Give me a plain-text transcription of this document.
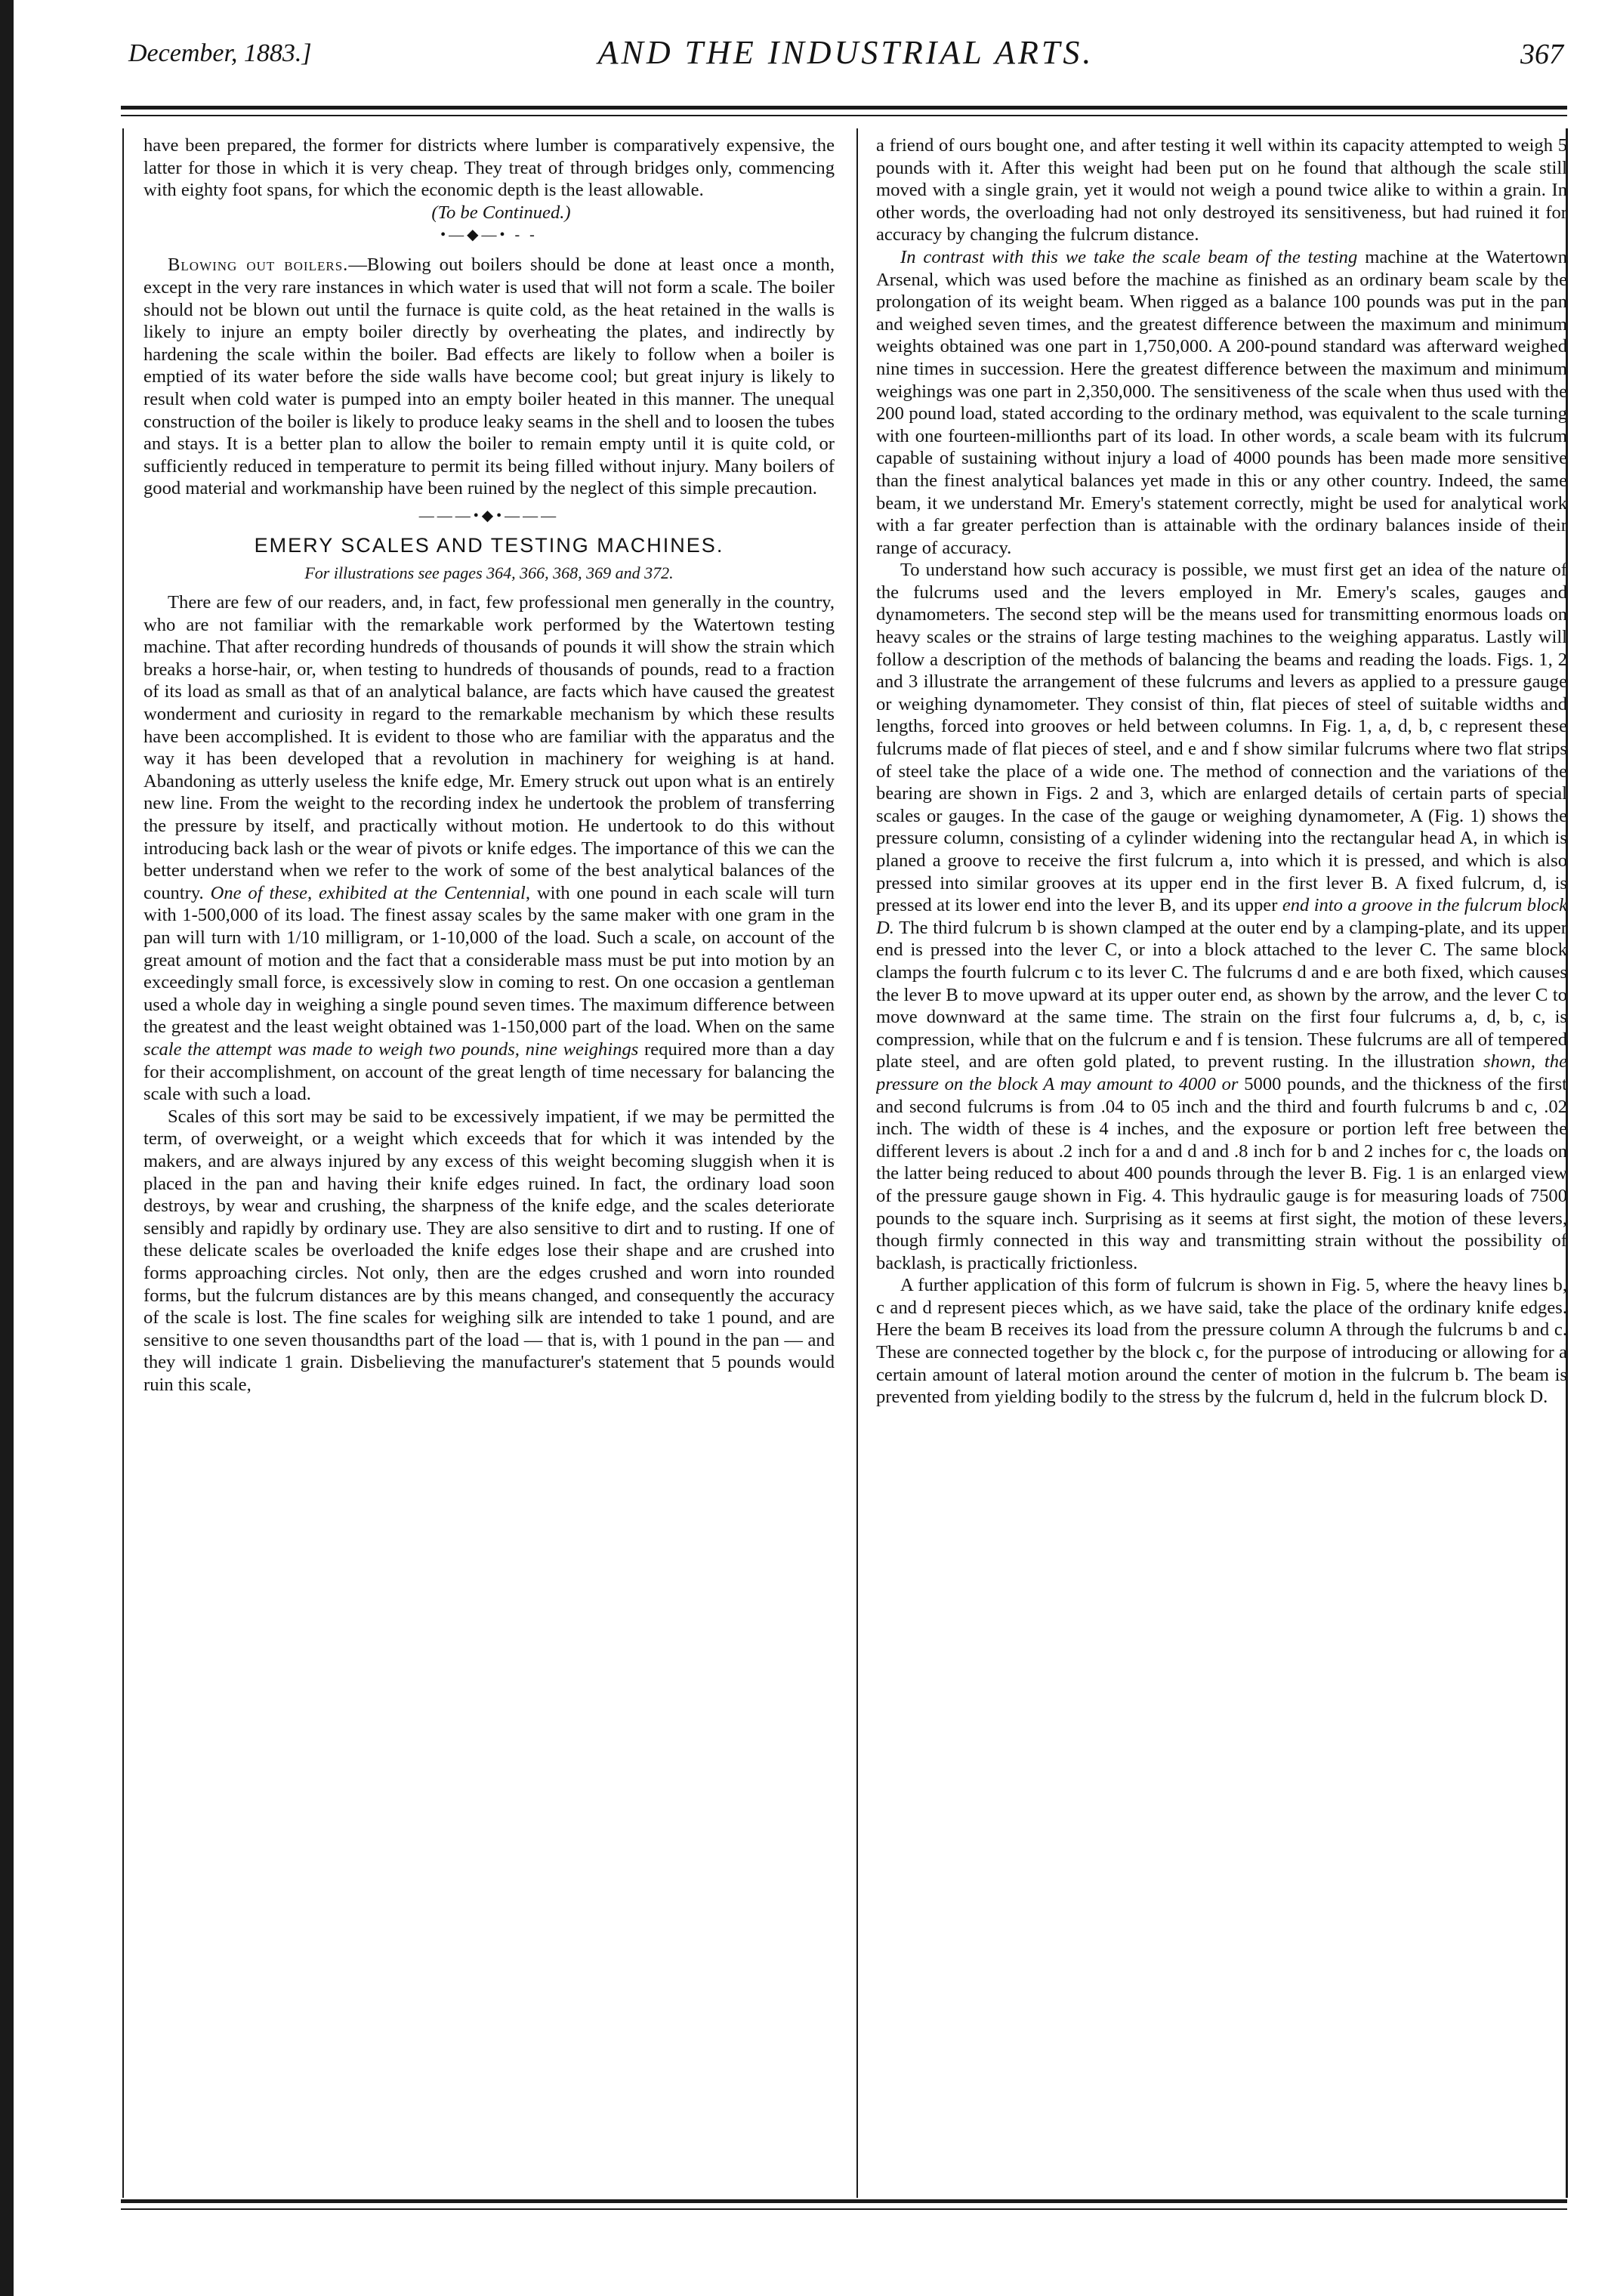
December, 1883.]	AND THE INDUSTRIAL ARTS.	367

have been prepared, the former for districts where lumber is comparatively expensive, the latter for those in which it is very cheap. They treat of through bridges only, commencing with eighty foot spans, for which the economic depth is the least allowable.

(To be Continued.)

•—◆—• - -

Blowing out boilers.—Blowing out boilers should be done at least once a month, except in the very rare instances in which water is used that will not form a scale. The boiler should not be blown out until the furnace is quite cold, as the heat retained in the walls is likely to injure an empty boiler directly by overheating the plates, and indirectly by hardening the scale within the boiler. Bad effects are likely to follow when a boiler is emptied of its water before the side walls have become cool; but great injury is likely to result when cold water is pumped into an empty boiler heated in this manner. The unequal construction of the boiler is likely to produce leaky seams in the shell and to loosen the tubes and stays. It is a better plan to allow the boiler to remain empty until it is quite cold, or sufficiently reduced in temperature to permit its being filled without injury. Many boilers of good material and workmanship have been ruined by the neglect of this simple precaution.

———•◆•———
EMERY SCALES AND TESTING MACHINES.
For illustrations see pages 364, 366, 368, 369 and 372.

There are few of our readers, and, in fact, few professional men generally in the country, who are not familiar with the remarkable work performed by the Watertown testing machine. That after recording hundreds of thousands of pounds it will show the strain which breaks a horse-hair, or, when testing to hundreds of thousands of pounds, read to a fraction of its load as small as that of an analytical balance, are facts which have caused the greatest wonderment and curiosity in regard to the remarkable mechanism by which these results have been accomplished. It is evident to those who are familiar with the apparatus and the way it has been developed that a revolution in machinery for weighing is at hand. Abandoning as utterly useless the knife edge, Mr. Emery struck out upon what is an entirely new line. From the weight to the recording index he undertook the problem of transferring the pressure by itself, and practically without motion. He undertook to do this without introducing back lash or the wear of pivots or knife edges. The importance of this we can the better understand when we refer to the work of some of the best analytical balances of the country. One of these, exhibited at the Centennial, with one pound in each scale will turn with 1-500,000 of its load. The finest assay scales by the same maker with one gram in the pan will turn with 1/10 milligram, or 1-10,000 of the load. Such a scale, on account of the great amount of motion and the fact that a considerable mass must be put into motion by an exceedingly small force, is excessively slow in coming to rest. On one occasion a gentleman used a whole day in weighing a single pound seven times. The maximum difference between the greatest and the least weight obtained was 1-150,000 part of the load. When on the same scale the attempt was made to weigh two pounds, nine weighings required more than a day for their accomplishment, on account of the great length of time necessary for balancing the scale with such a load.

Scales of this sort may be said to be excessively impatient, if we may be permitted the term, of overweight, or a weight which exceeds that for which it was intended by the makers, and are always injured by any excess of this weight becoming sluggish when it is placed in the pan and having their knife edges ruined. In fact, the ordinary load soon destroys, by wear and crushing, the sharpness of the knife edge, and the scales deteriorate sensibly and rapidly by ordinary use. They are also sensitive to dirt and to rusting. If one of these delicate scales be overloaded the knife edges lose their shape and are crushed into forms approaching circles. Not only, then are the edges crushed and worn into rounded forms, but the fulcrum distances are by this means changed, and consequently the accuracy of the scale is lost. The fine scales for weighing silk are intended to take 1 pound, and are sensitive to one seven thousandths part of the load — that is, with 1 pound in the pan — and they will indicate 1 grain. Disbelieving the manufacturer's statement that 5 pounds would ruin this scale,

a friend of ours bought one, and after testing it well within its capacity attempted to weigh 5 pounds with it. After this weight had been put on he found that although the scale still moved with a single grain, yet it would not weigh a pound twice alike to within a grain. In other words, the overloading had not only destroyed its sensitiveness, but had ruined it for accuracy by changing the fulcrum distance.

In contrast with this we take the scale beam of the testing machine at the Watertown Arsenal, which was used before the machine as finished as an ordinary beam scale by the prolongation of its weight beam. When rigged as a balance 100 pounds was put in the pan and weighed seven times, and the greatest difference between the maximum and minimum weights obtained was one part in 1,750,000. A 200-pound standard was afterward weighed nine times in succession. Here the greatest difference between the maximum and minimum weighings was one part in 2,350,000. The sensitiveness of the scale when thus used with the 200 pound load, stated according to the ordinary method, was equivalent to the scale turning with one fourteen-millionths part of its load. In other words, a scale beam with its fulcrum capable of sustaining without injury a load of 4000 pounds has been made more sensitive than the finest analytical balances yet made in this or any other country. Indeed, the same beam, it we understand Mr. Emery's statement correctly, might be used for analytical work with a far greater perfection than is attainable with the ordinary balances inside of their range of accuracy.

To understand how such accuracy is possible, we must first get an idea of the nature of the fulcrums used and the levers employed in Mr. Emery's scales, gauges and dynamometers. The second step will be the means used for transmitting enormous loads on heavy scales or the strains of large testing machines to the weighing apparatus. Lastly will follow a description of the methods of balancing the beams and reading the loads. Figs. 1, 2 and 3 illustrate the arrangement of these fulcrums and levers as applied to a pressure gauge or weighing dynamometer. They consist of thin, flat pieces of steel of suitable widths and lengths, forced into grooves or held between columns. In Fig. 1, a, d, b, c represent these fulcrums made of flat pieces of steel, and e and f show similar fulcrums where two flat strips of steel take the place of a wide one. The method of connection and the variations of the bearing are shown in Figs. 2 and 3, which are enlarged details of certain parts of special scales or gauges. In the case of the gauge or weighing dynamometer, A (Fig. 1) shows the pressure column, consisting of a cylinder widening into the rectangular head A, in which is planed a groove to receive the first fulcrum a, into which it is pressed, and which is also pressed into similar grooves at its upper end in the first lever B. A fixed fulcrum, d, is pressed at its lower end into the lever B, and its upper end into a groove in the fulcrum block D. The third fulcrum b is shown clamped at the outer end by a clamping-plate, and its upper end is pressed into the lever C, or into a block attached to the lever C. The same block clamps the fourth fulcrum c to its lever C. The fulcrums d and e are both fixed, which causes the lever B to move upward at its upper outer end, as shown by the arrow, and the lever C to move downward at the same time. The strain on the first four fulcrums a, d, b, c, is compression, while that on the fulcrum e and f is tension. These fulcrums are all of tempered plate steel, and are often gold plated, to prevent rusting. In the illustration shown, the pressure on the block A may amount to 4000 or 5000 pounds, and the thickness of the first and second fulcrums is from .04 to 05 inch and the third and fourth fulcrums b and c, .02 inch. The width of these is 4 inches, and the exposure or portion left free between the different levers is about .2 inch for a and d and .8 inch for b and 2 inches for c, the loads on the latter being reduced to about 400 pounds through the lever B. Fig. 1 is an enlarged view of the pressure gauge shown in Fig. 4. This hydraulic gauge is for measuring loads of 7500 pounds to the square inch. Surprising as it seems at first sight, the motion of these levers, though firmly connected in this way and transmitting strain without the possibility of backlash, is practically frictionless.

A further application of this form of fulcrum is shown in Fig. 5, where the heavy lines b, c and d represent pieces which, as we have said, take the place of the ordinary knife edges. Here the beam B receives its load from the pressure column A through the fulcrums b and c. These are connected together by the block c, for the purpose of introducing or allowing for a certain amount of lateral motion around the center of motion in the fulcrum b. The beam is prevented from yielding bodily to the stress by the fulcrum d, held in the fulcrum block D.
